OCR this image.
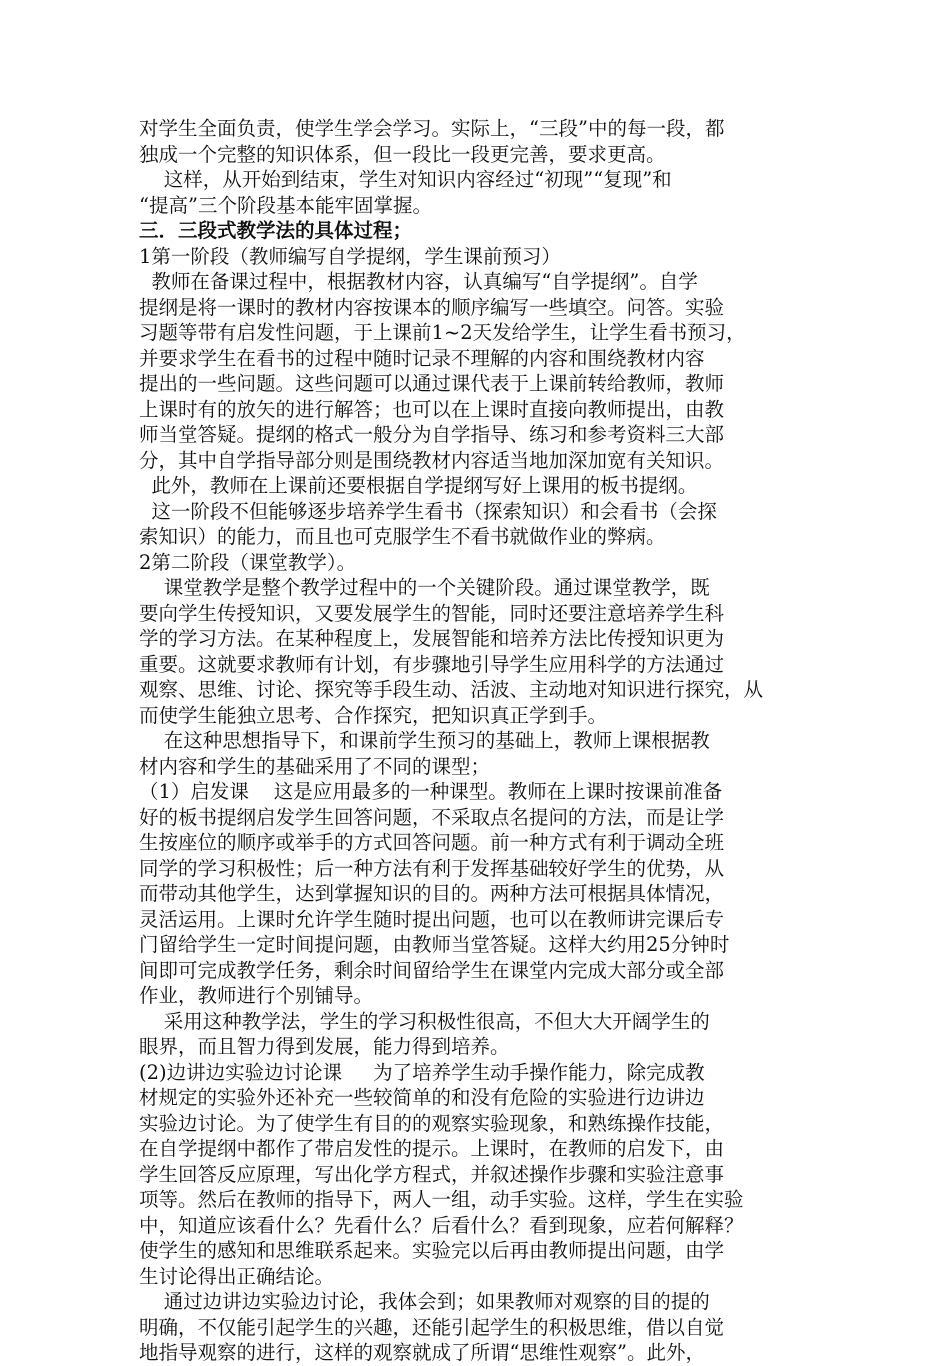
对学生全面负责，使学生学会学习。实际上，“三段”中的每一段，都
独成一个完整的知识体系，但一段比一段更完善，要求更高。
这样，从开始到结束，学生对知识内容经过“初现”“复现”和
“提高”三个阶段基本能牢固掌握。
三．三段式教学法的具体过程；
1第一阶段（教师编写自学提纲，学生课前预习）
教师在备课过程中，根据教材内容，认真编写“自学提纲”。自学
提纲是将一课时的教材内容按课本的顺序编写一些填空。问答。实验
习题等带有启发性问题，于上课前1~2天发给学生，让学生看书预习，
并要求学生在看书的过程中随时记录不理解的内容和围绕教材内容
提出的一些问题。这些问题可以通过课代表于上课前转给教师，教师
上课时有的放矢的进行解答；也可以在上课时直接向教师提出，由教
师当堂答疑。提纲的格式一般分为自学指导、练习和参考资料三大部
分，其中自学指导部分则是围绕教材内容适当地加深加宽有关知识。
此外，教师在上课前还要根据自学提纲写好上课用的板书提纲。
这一阶段不但能够逐步培养学生看书（探索知识）和会看书（会探
索知识）的能力，而且也可克服学生不看书就做作业的弊病。
2第二阶段（课堂教学）。
课堂教学是整个教学过程中的一个关键阶段。通过课堂教学，既
要向学生传授知识，又要发展学生的智能，同时还要注意培养学生科
学的学习方法。在某种程度上，发展智能和培养方法比传授知识更为
重要。这就要求教师有计划，有步骤地引导学生应用科学的方法通过
观察、思维、讨论、探究等手段生动、活波、主动地对知识进行探究，从
而使学生能独立思考、合作探究，把知识真正学到手。
在这种思想指导下，和课前学生预习的基础上，教师上课根据教
材内容和学生的基础采用了不同的课型；
（1）启发课    这是应用最多的一种课型。教师在上课时按课前准备
好的板书提纲启发学生回答问题，不采取点名提问的方法，而是让学
生按座位的顺序或举手的方式回答问题。前一种方式有利于调动全班
同学的学习积极性；后一种方法有利于发挥基础较好学生的优势，从
而带动其他学生，达到掌握知识的目的。两种方法可根据具体情况，
灵活运用。上课时允许学生随时提出问题，也可以在教师讲完课后专
门留给学生一定时间提问题，由教师当堂答疑。这样大约用25分钟时
间即可完成教学任务，剩余时间留给学生在课堂内完成大部分或全部
作业，教师进行个别铺导。
采用这种教学法，学生的学习积极性很高，不但大大开阔学生的
眼界，而且智力得到发展，能力得到培养。
(2)边讲边实验边讨论课     为了培养学生动手操作能力，除完成教
材规定的实验外还补充一些较简单的和没有危险的实验进行边讲边
实验边讨论。为了使学生有目的的观察实验现象，和熟练操作技能，
在自学提纲中都作了带启发性的提示。上课时，在教师的启发下，由
学生回答反应原理，写出化学方程式，并叙述操作步骤和实验注意事
项等。然后在教师的指导下，两人一组，动手实验。这样，学生在实验
中，知道应该看什么？先看什么？后看什么？看到现象，应若何解释？
使学生的感知和思维联系起来。实验完以后再由教师提出问题，由学
生讨论得出正确结论。
通过边讲边实验边讨论，我体会到；如果教师对观察的目的提的
明确，不仅能引起学生的兴趣，还能引起学生的积极思维，借以自觉
地指导观察的进行，这样的观察就成了所谓“思维性观察”。此外，
